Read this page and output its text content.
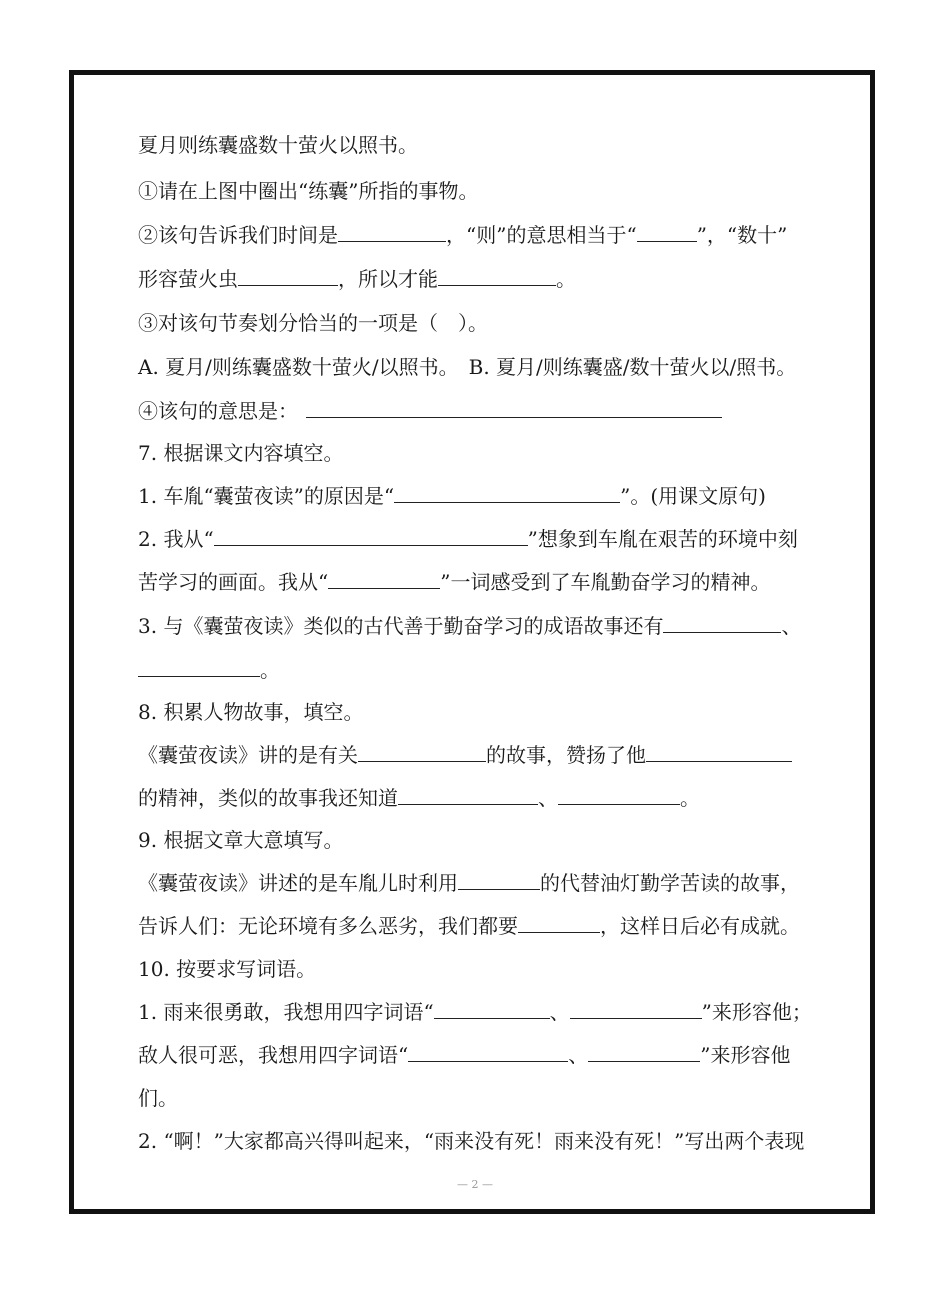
夏月则练囊盛数十萤火以照书。
①请在上图中圈出“练囊”所指的事物。
②该句告诉我们时间是	，“则”的意思相当于“	”，“数十”
形容萤火虫	，所以才能	。
③对该句节奏划分恰当的一项是（　）。
A. 夏月/则练囊盛数十萤火/以照书。　B. 夏月/则练囊盛/数十萤火以/照书。
④该句的意思是：
7. 根据课文内容填空。
1. 车胤“囊萤夜读”的原因是“	”。(用课文原句)
2. 我从“	”想象到车胤在艰苦的环境中刻
苦学习的画面。我从“	”一词感受到了车胤勤奋学习的精神。
3. 与《囊萤夜读》类似的古代善于勤奋学习的成语故事还有	、
。
8. 积累人物故事，填空。
《囊萤夜读》讲的是有关	的故事，赞扬了他
的精神，类似的故事我还知道	、	。
9. 根据文章大意填写。
《囊萤夜读》讲述的是车胤儿时利用	的代替油灯勤学苦读的故事，
告诉人们：无论环境有多么恶劣，我们都要	，这样日后必有成就。
10. 按要求写词语。
1. 雨来很勇敢，我想用四字词语“	、	”来形容他；
敌人很可恶，我想用四字词语“	、	”来形容他
们。
2. “啊！”大家都高兴得叫起来，“雨来没有死！雨来没有死！”写出两个表现
— 2 —
